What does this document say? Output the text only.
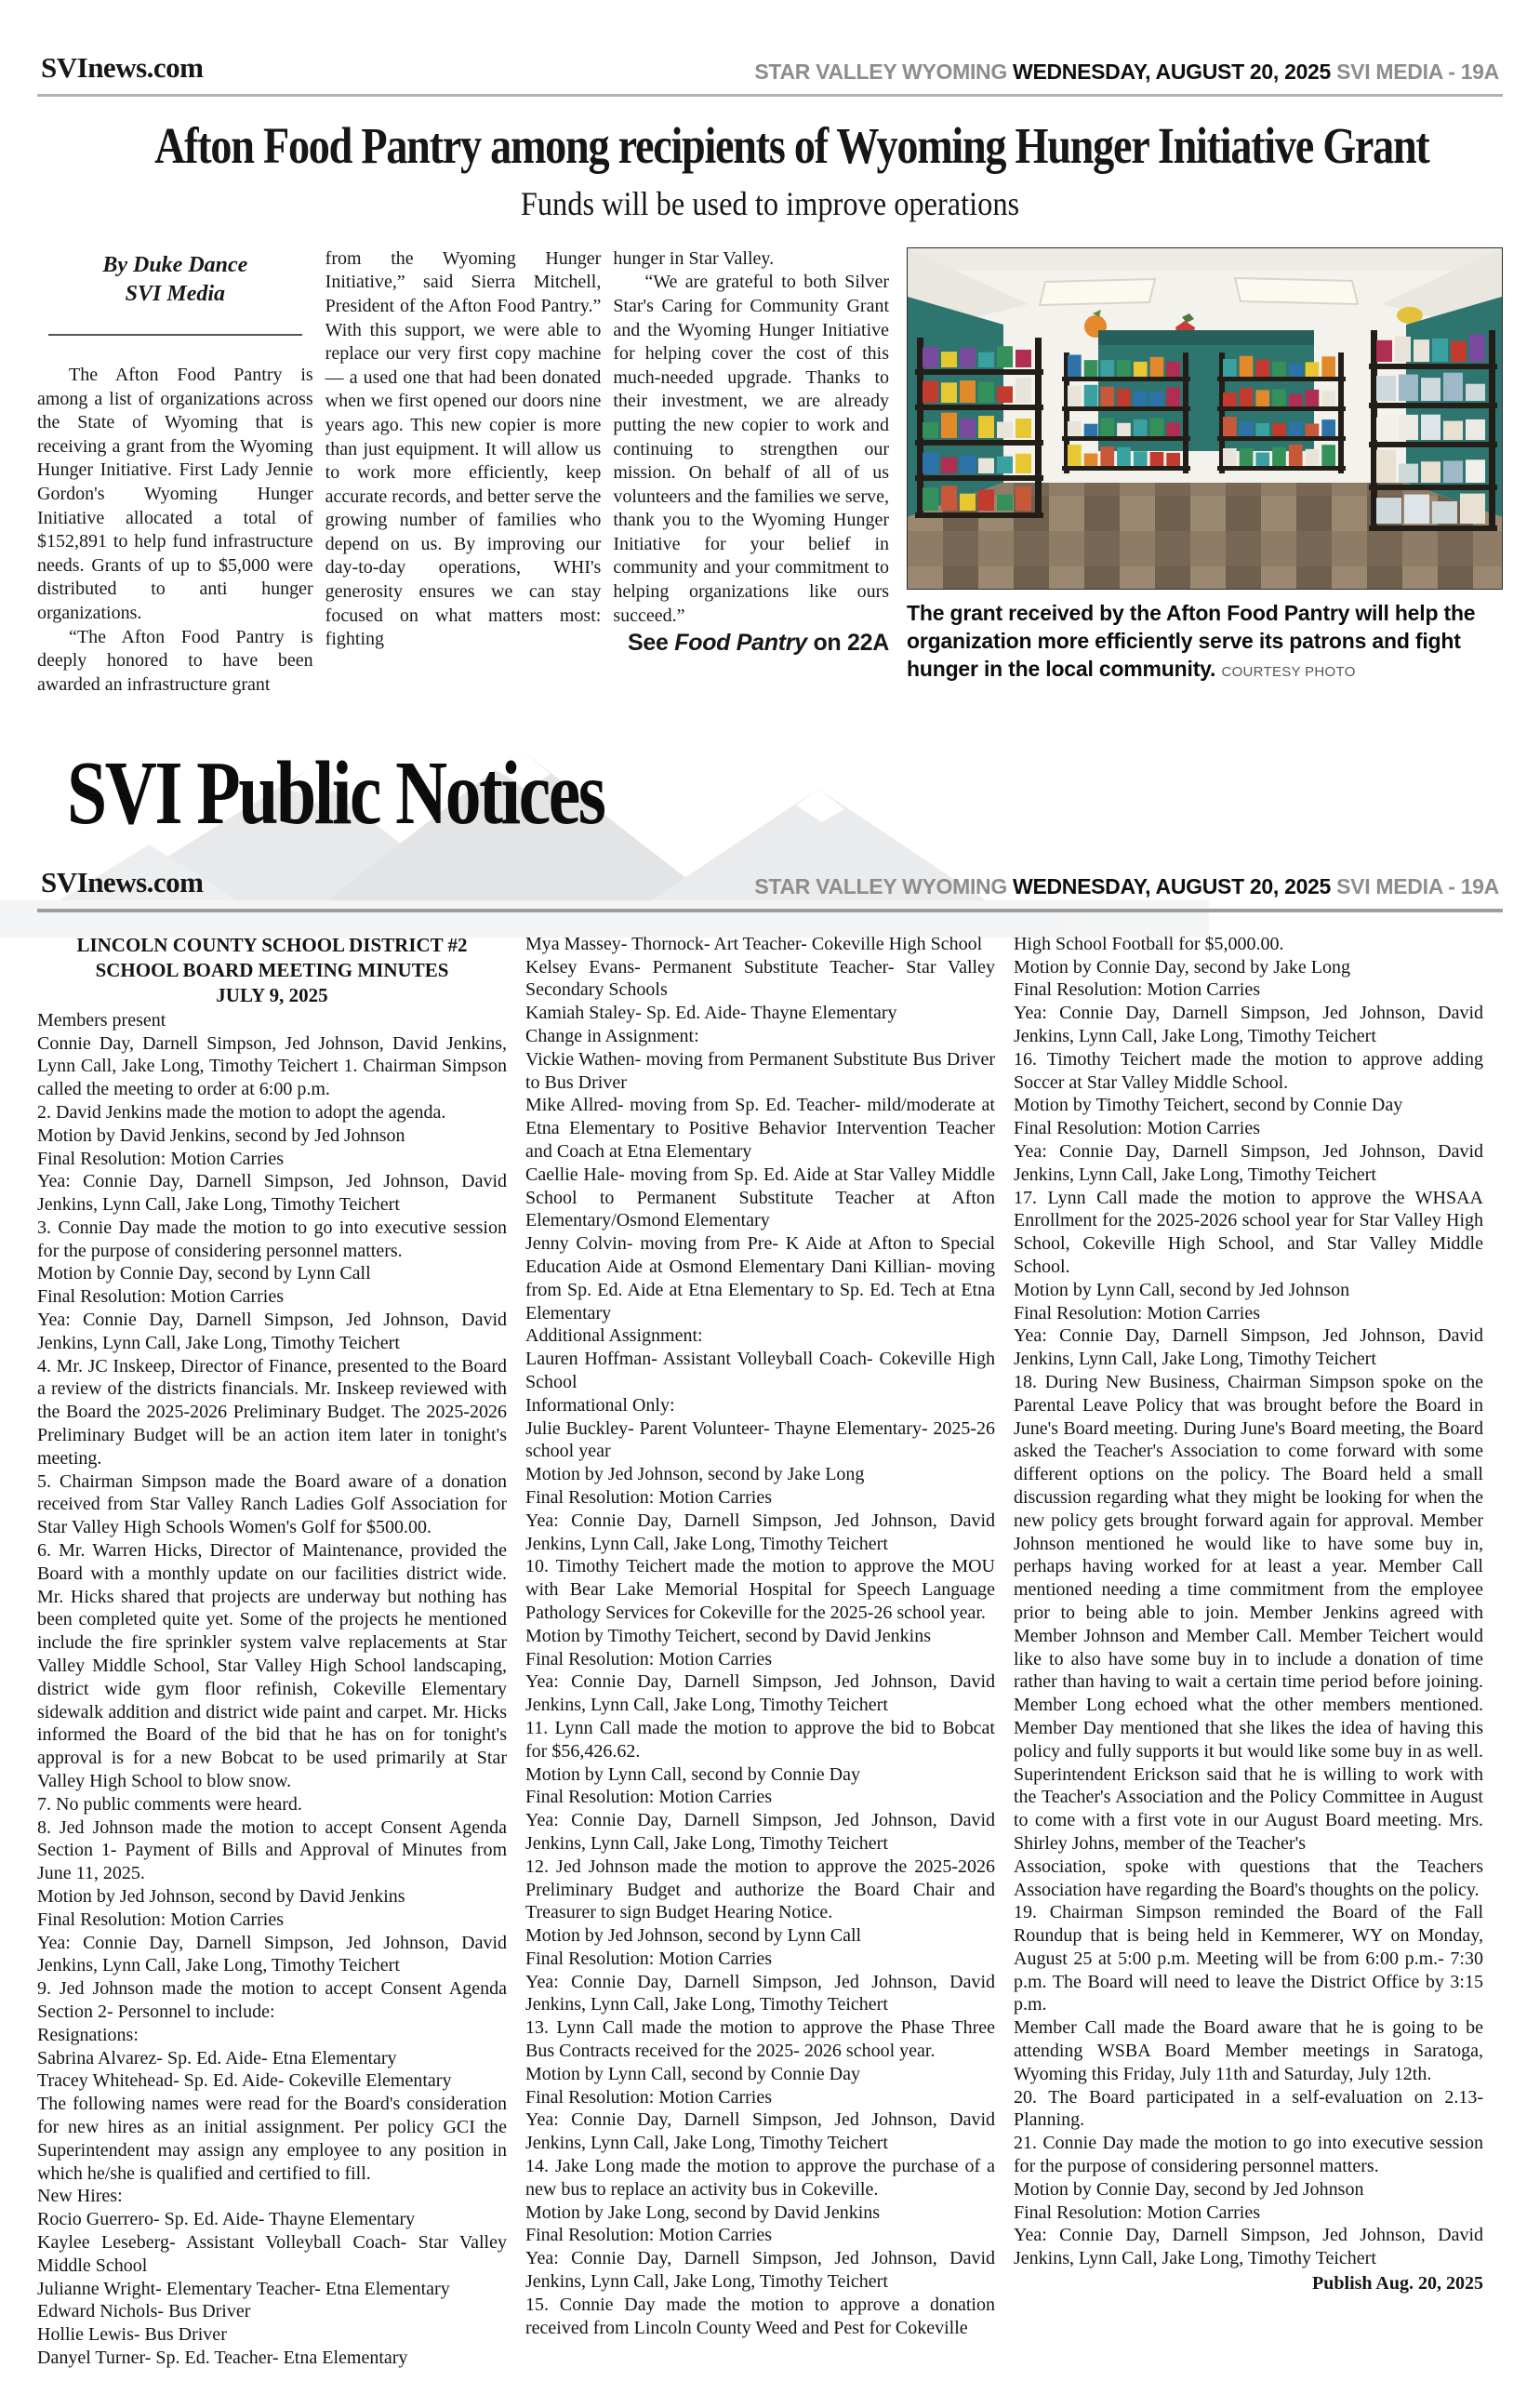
SVInews.com	STAR VALLEY WYOMING WEDNESDAY, AUGUST 20, 2025 SVI MEDIA - 19A
Afton Food Pantry among recipients of Wyoming Hunger Initiative Grant
Funds will be used to improve operations
By Duke Dance
SVI Media

The Afton Food Pantry is among a list of organizations across the State of Wyoming that is receiving a grant from the Wyoming Hunger Initiative. First Lady Jennie Gordon's Wyoming Hunger Initiative allocated a total of $152,891 to help fund infrastructure needs. Grants of up to $5,000 were distributed to anti hunger organizations.

“The Afton Food Pantry is deeply honored to have been awarded an infrastructure grant

from the Wyoming Hunger Initiative,” said Sierra Mitchell, President of the Afton Food Pantry.” With this support, we were able to replace our very first copy machine — a used one that had been donated when we first opened our doors nine years ago. This new copier is more than just equipment. It will allow us to work more efficiently, keep accurate records, and better serve the growing number of families who depend on us. By improving our day-to-day operations, WHI's generosity ensures we can stay focused on what matters most: fighting

hunger in Star Valley.

“We are grateful to both Silver Star's Caring for Community Grant and the Wyoming Hunger Initiative for helping cover the cost of this much-needed upgrade. Thanks to their investment, we are already putting the new copier to work and continuing to strengthen our mission. On behalf of all of us volunteers and the families we serve, thank you to the Wyoming Hunger Initiative for your belief in community and your commitment to helping organizations like ours succeed.”

See Food Pantry on 22A

The grant received by the Afton Food Pantry will help the organization more efficiently serve its patrons and fight hunger in the local community. COURTESY PHOTO

SVI Public Notices
SVInews.com	STAR VALLEY WYOMING WEDNESDAY, AUGUST 20, 2025 SVI MEDIA - 19A

LINCOLN COUNTY SCHOOL DISTRICT #2

SCHOOL BOARD MEETING MINUTES

JULY 9, 2025

Members present

Connie Day, Darnell Simpson, Jed Johnson, David Jenkins, Lynn Call, Jake Long, Timothy Teichert 1. Chairman Simpson called the meeting to order at 6:00 p.m.

2. David Jenkins made the motion to adopt the agenda.

Motion by David Jenkins, second by Jed Johnson

Final Resolution: Motion Carries

Yea: Connie Day, Darnell Simpson, Jed Johnson, David Jenkins, Lynn Call, Jake Long, Timothy Teichert

3. Connie Day made the motion to go into executive session for the purpose of considering personnel matters.

Motion by Connie Day, second by Lynn Call

Final Resolution: Motion Carries

Yea: Connie Day, Darnell Simpson, Jed Johnson, David Jenkins, Lynn Call, Jake Long, Timothy Teichert

4. Mr. JC Inskeep, Director of Finance, presented to the Board a review of the districts financials. Mr. Inskeep reviewed with the Board the 2025-2026 Preliminary Budget. The 2025-2026 Preliminary Budget will be an action item later in tonight's meeting.

5. Chairman Simpson made the Board aware of a donation received from Star Valley Ranch Ladies Golf Association for Star Valley High Schools Women's Golf for $500.00.

6. Mr. Warren Hicks, Director of Maintenance, provided the Board with a monthly update on our facilities district wide. Mr. Hicks shared that projects are underway but nothing has been completed quite yet. Some of the projects he mentioned include the fire sprinkler system valve replacements at Star Valley Middle School, Star Valley High School landscaping, district wide gym floor refinish, Cokeville Elementary sidewalk addition and district wide paint and carpet. Mr. Hicks informed the Board of the bid that he has on for tonight's approval is for a new Bobcat to be used primarily at Star Valley High School to blow snow.

7. No public comments were heard.

8. Jed Johnson made the motion to accept Consent Agenda Section 1- Payment of Bills and Approval of Minutes from June 11, 2025.

Motion by Jed Johnson, second by David Jenkins

Final Resolution: Motion Carries

Yea: Connie Day, Darnell Simpson, Jed Johnson, David Jenkins, Lynn Call, Jake Long, Timothy Teichert

9. Jed Johnson made the motion to accept Consent Agenda Section 2- Personnel to include:

Resignations:

Sabrina Alvarez- Sp. Ed. Aide- Etna Elementary

Tracey Whitehead- Sp. Ed. Aide- Cokeville Elementary

The following names were read for the Board's consideration for new hires as an initial assignment. Per policy GCI the Superintendent may assign any employee to any position in which he/she is qualified and certified to fill.

New Hires:

Rocio Guerrero- Sp. Ed. Aide- Thayne Elementary

Kaylee Leseberg- Assistant Volleyball Coach- Star Valley Middle School

Julianne Wright- Elementary Teacher- Etna Elementary

Edward Nichols- Bus Driver

Hollie Lewis- Bus Driver

Danyel Turner- Sp. Ed. Teacher- Etna Elementary

Mya Massey- Thornock- Art Teacher- Cokeville High School

Kelsey Evans- Permanent Substitute Teacher- Star Valley Secondary Schools

Kamiah Staley- Sp. Ed. Aide- Thayne Elementary

Change in Assignment:

Vickie Wathen- moving from Permanent Substitute Bus Driver to Bus Driver

Mike Allred- moving from Sp. Ed. Teacher- mild/moderate at Etna Elementary to Positive Behavior Intervention Teacher and Coach at Etna Elementary

Caellie Hale- moving from Sp. Ed. Aide at Star Valley Middle School to Permanent Substitute Teacher at Afton Elementary/Osmond Elementary

Jenny Colvin- moving from Pre- K Aide at Afton to Special Education Aide at Osmond Elementary Dani Killian- moving from Sp. Ed. Aide at Etna Elementary to Sp. Ed. Tech at Etna Elementary

Additional Assignment:

Lauren Hoffman- Assistant Volleyball Coach- Cokeville High School

Informational Only:

Julie Buckley- Parent Volunteer- Thayne Elementary- 2025-26 school year

Motion by Jed Johnson, second by Jake Long

Final Resolution: Motion Carries

Yea: Connie Day, Darnell Simpson, Jed Johnson, David Jenkins, Lynn Call, Jake Long, Timothy Teichert

10. Timothy Teichert made the motion to approve the MOU with Bear Lake Memorial Hospital for Speech Language Pathology Services for Cokeville for the 2025-26 school year.

Motion by Timothy Teichert, second by David Jenkins

Final Resolution: Motion Carries

Yea: Connie Day, Darnell Simpson, Jed Johnson, David Jenkins, Lynn Call, Jake Long, Timothy Teichert

11. Lynn Call made the motion to approve the bid to Bobcat for $56,426.62.

Motion by Lynn Call, second by Connie Day

Final Resolution: Motion Carries

Yea: Connie Day, Darnell Simpson, Jed Johnson, David Jenkins, Lynn Call, Jake Long, Timothy Teichert

12. Jed Johnson made the motion to approve the 2025-2026 Preliminary Budget and authorize the Board Chair and Treasurer to sign Budget Hearing Notice.

Motion by Jed Johnson, second by Lynn Call

Final Resolution: Motion Carries

Yea: Connie Day, Darnell Simpson, Jed Johnson, David Jenkins, Lynn Call, Jake Long, Timothy Teichert

13. Lynn Call made the motion to approve the Phase Three Bus Contracts received for the 2025- 2026 school year.

Motion by Lynn Call, second by Connie Day

Final Resolution: Motion Carries

Yea: Connie Day, Darnell Simpson, Jed Johnson, David Jenkins, Lynn Call, Jake Long, Timothy Teichert

14. Jake Long made the motion to approve the purchase of a new bus to replace an activity bus in Cokeville.

Motion by Jake Long, second by David Jenkins

Final Resolution: Motion Carries

Yea: Connie Day, Darnell Simpson, Jed Johnson, David Jenkins, Lynn Call, Jake Long, Timothy Teichert

15. Connie Day made the motion to approve a donation received from Lincoln County Weed and Pest for Cokeville

High School Football for $5,000.00.

Motion by Connie Day, second by Jake Long

Final Resolution: Motion Carries

Yea: Connie Day, Darnell Simpson, Jed Johnson, David Jenkins, Lynn Call, Jake Long, Timothy Teichert

16. Timothy Teichert made the motion to approve adding Soccer at Star Valley Middle School.

Motion by Timothy Teichert, second by Connie Day

Final Resolution: Motion Carries

Yea: Connie Day, Darnell Simpson, Jed Johnson, David Jenkins, Lynn Call, Jake Long, Timothy Teichert

17. Lynn Call made the motion to approve the WHSAA Enrollment for the 2025-2026 school year for Star Valley High School, Cokeville High School, and Star Valley Middle School.

Motion by Lynn Call, second by Jed Johnson

Final Resolution: Motion Carries

Yea: Connie Day, Darnell Simpson, Jed Johnson, David Jenkins, Lynn Call, Jake Long, Timothy Teichert

18. During New Business, Chairman Simpson spoke on the Parental Leave Policy that was brought before the Board in June's Board meeting. During June's Board meeting, the Board asked the Teacher's Association to come forward with some different options on the policy. The Board held a small discussion regarding what they might be looking for when the new policy gets brought forward again for approval. Member Johnson mentioned he would like to have some buy in, perhaps having worked for at least a year. Member Call mentioned needing a time commitment from the employee prior to being able to join. Member Jenkins agreed with Member Johnson and Member Call. Member Teichert would like to also have some buy in to include a donation of time rather than having to wait a certain time period before joining. Member Long echoed what the other members mentioned. Member Day mentioned that she likes the idea of having this policy and fully supports it but would like some buy in as well. Superintendent Erickson said that he is willing to work with the Teacher's Association and the Policy Committee in August to come with a first vote in our August Board meeting. Mrs. Shirley Johns, member of the Teacher's

Association, spoke with questions that the Teachers Association have regarding the Board's thoughts on the policy.

19. Chairman Simpson reminded the Board of the Fall Roundup that is being held in Kemmerer, WY on Monday, August 25 at 5:00 p.m. Meeting will be from 6:00 p.m.- 7:30 p.m. The Board will need to leave the District Office by 3:15 p.m.

Member Call made the Board aware that he is going to be attending WSBA Board Member meetings in Saratoga, Wyoming this Friday, July 11th and Saturday, July 12th.

20. The Board participated in a self-evaluation on 2.13- Planning.

21. Connie Day made the motion to go into executive session for the purpose of considering personnel matters.

Motion by Connie Day, second by Jed Johnson

Final Resolution: Motion Carries

Yea: Connie Day, Darnell Simpson, Jed Johnson, David Jenkins, Lynn Call, Jake Long, Timothy Teichert

Publish Aug. 20, 2025
